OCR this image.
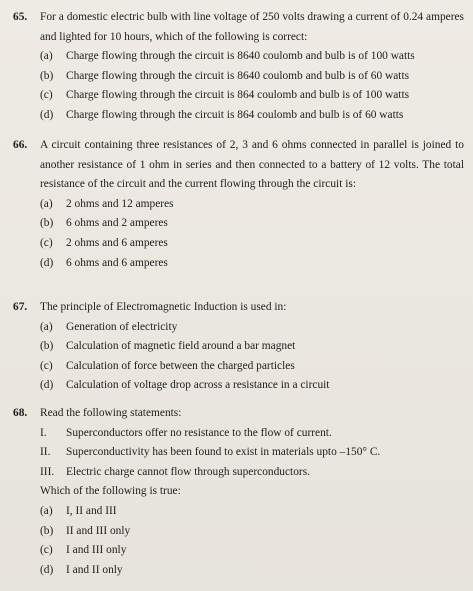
65. For a domestic electric bulb with line voltage of 250 volts drawing a current of 0.24 amperes and lighted for 10 hours, which of the following is correct:
(a) Charge flowing through the circuit is 8640 coulomb and bulb is of 100 watts
(b) Charge flowing through the circuit is 8640 coulomb and bulb is of 60 watts
(c) Charge flowing through the circuit is 864 coulomb and bulb is of 100 watts
(d) Charge flowing through the circuit is 864 coulomb and bulb is of 60 watts
66. A circuit containing three resistances of 2, 3 and 6 ohms connected in parallel is joined to another resistance of 1 ohm in series and then connected to a battery of 12 volts. The total resistance of the circuit and the current flowing through the circuit is:
(a) 2 ohms and 12 amperes
(b) 6 ohms and 2 amperes
(c) 2 ohms and 6 amperes
(d) 6 ohms and 6 amperes
67. The principle of Electromagnetic Induction is used in:
(a) Generation of electricity
(b) Calculation of magnetic field around a bar magnet
(c) Calculation of force between the charged particles
(d) Calculation of voltage drop across a resistance in a circuit
68. Read the following statements:
I. Superconductors offer no resistance to the flow of current.
II. Superconductivity has been found to exist in materials upto –150° C.
III. Electric charge cannot flow through superconductors.
Which of the following is true:
(a) I, II and III
(b) II and III only
(c) I and III only
(d) I and II only
